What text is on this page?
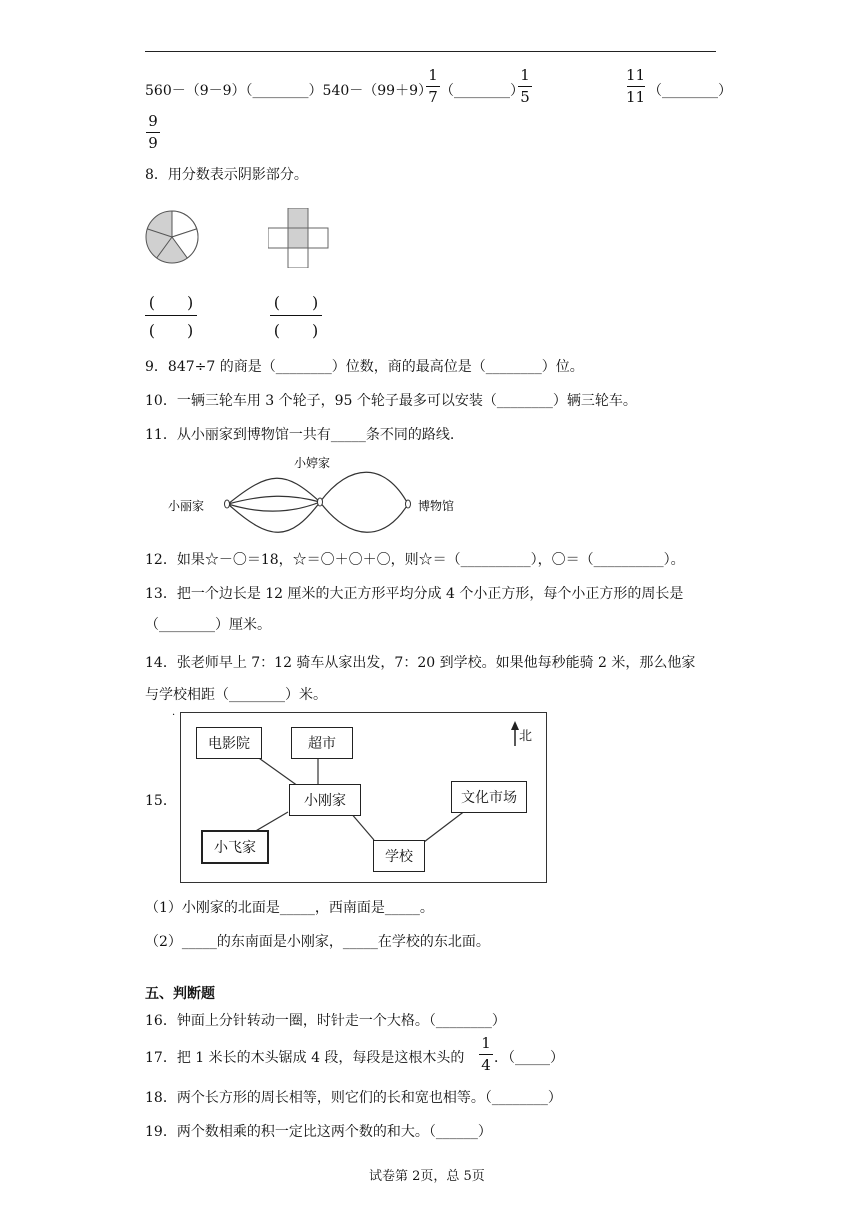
560－（9－9）（________）540－（99＋9）
1
7 （________）
1
5
11
11 （________）
9
9
8．用分数表示阴影部分。
(　　)
(　　)
(　　)
(　　)
9．847÷7 的商是（________）位数，商的最高位是（________）位。
10．一辆三轮车用 3 个轮子，95 个轮子最多可以安装（________）辆三轮车。
11．从小丽家到博物馆一共有_____条不同的路线.
小婷家
小丽家	博物馆
12．如果☆－〇＝18，☆＝〇＋〇＋〇，则☆＝（__________），〇＝（__________）。
13．把一个边长是 12 厘米的大正方形平均分成 4 个小正方形，每个小正方形的周长是
（________）厘米。
14．张老师早上 7：12 骑车从家出发，7：20 到学校。如果他每秒能骑 2 米，那么他家
与学校相距（________）米。
15．
·
北
电影院	超市
小刚家	文化市场
小飞家
学校
（1）小刚家的北面是_____，西南面是_____。
（2）_____的东南面是小刚家，_____在学校的东北面。
五、判断题
16．钟面上分针转动一圈，时针走一个大格。（________）
17．把 1 米长的木头锯成 4 段，每段是这根木头的
1
4 ．（_____）
18．两个长方形的周长相等，则它们的长和宽也相等。（________）
19．两个数相乘的积一定比这两个数的和大。（______）
试卷第 2页，总 5页
